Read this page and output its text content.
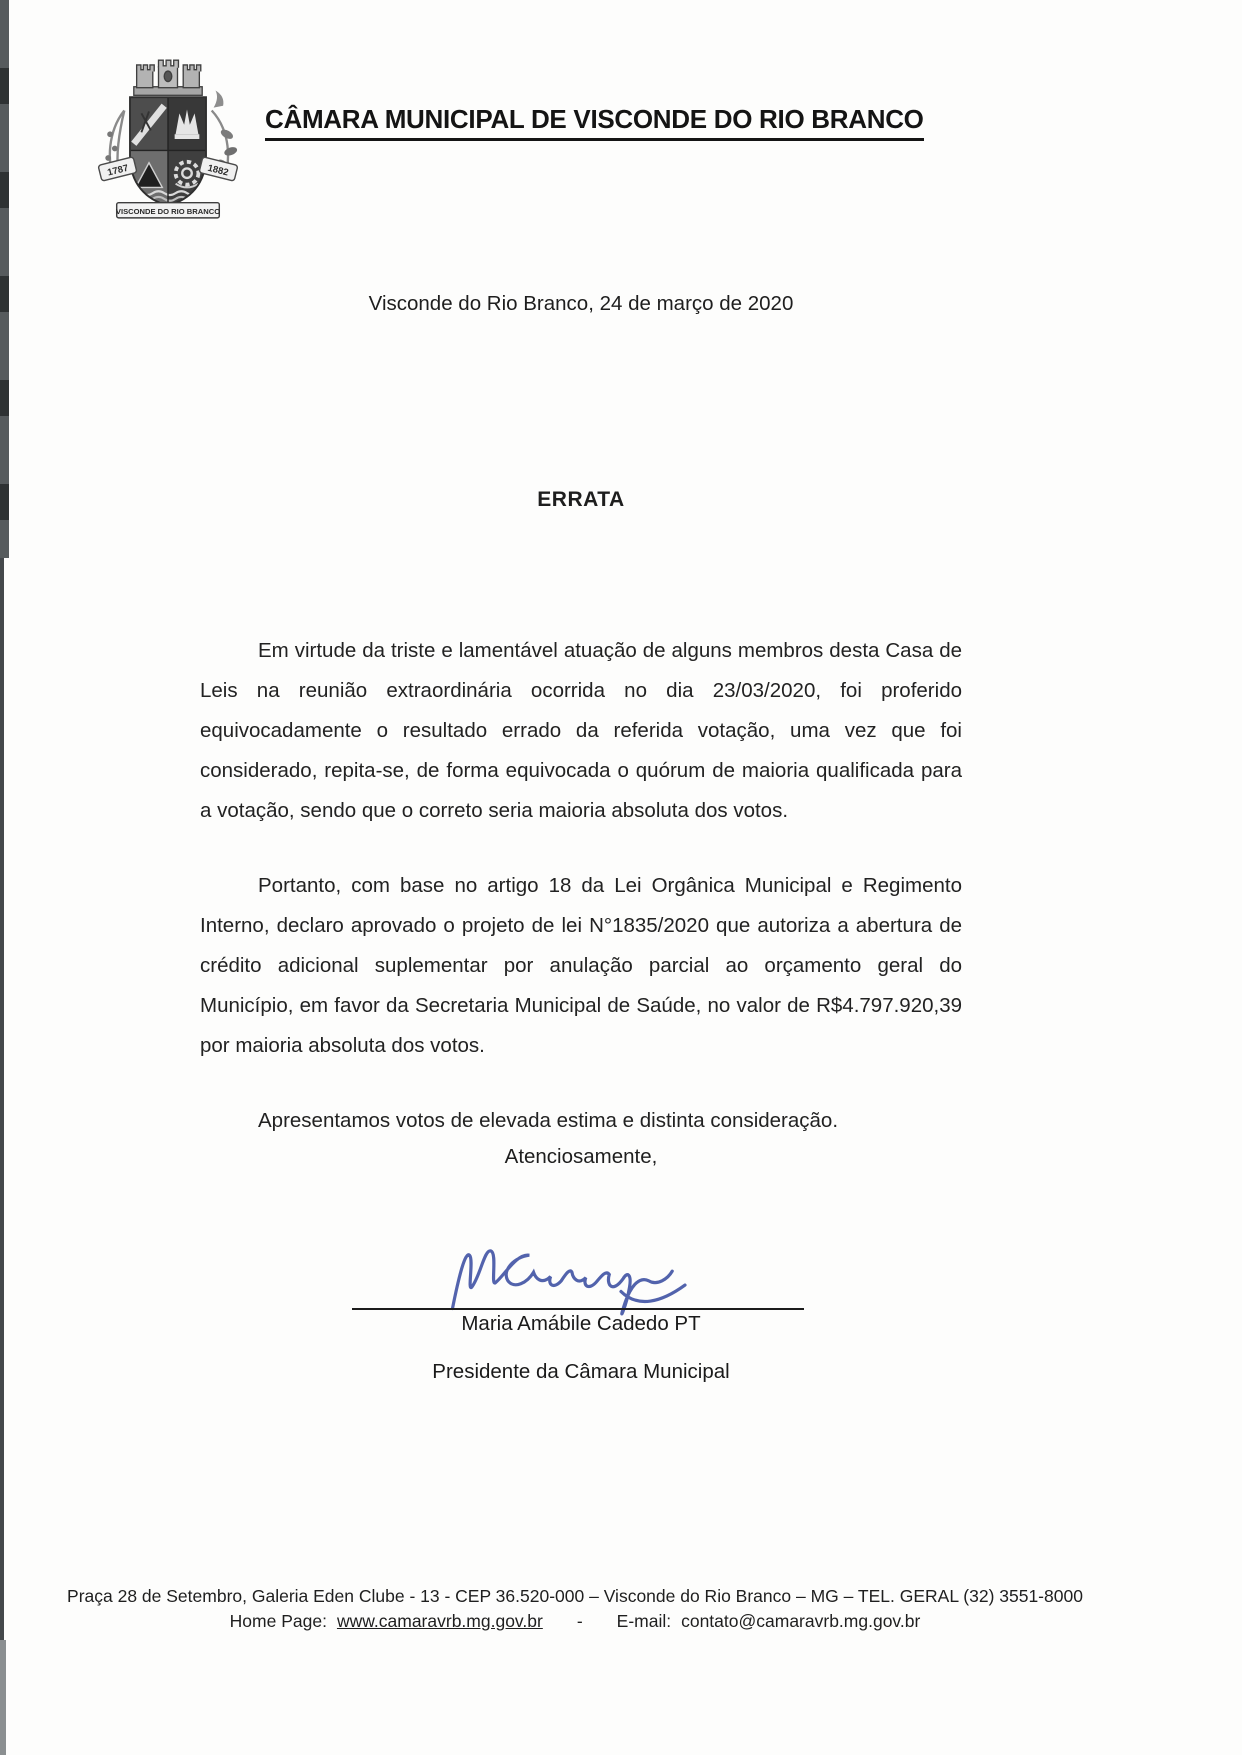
1787	1882
VISCONDE DO RIO BRANCO
CÂMARA MUNICIPAL DE VISCONDE DO RIO BRANCO
Visconde do Rio Branco, 24 de março de 2020
ERRATA

Em virtude da triste e lamentável atuação de alguns membros desta Casa de Leis na reunião extraordinária ocorrida no dia 23/03/2020, foi proferido equivocadamente o resultado errado da referida votação, uma vez que foi considerado, repita-se, de forma equivocada o quórum de maioria qualificada para a votação, sendo que o correto seria maioria absoluta dos votos.

Portanto, com base no artigo 18 da Lei Orgânica Municipal e Regimento Interno, declaro aprovado o projeto de lei N°1835/2020 que autoriza a abertura de crédito adicional suplementar por anulação parcial ao orçamento geral do Município, em favor da Secretaria Municipal de Saúde, no valor de R$4.797.920,39 por maioria absoluta dos votos.

Apresentamos votos de elevada estima e distinta consideração.

Atenciosamente,
Maria Amábile Cadedo PT
Presidente da Câmara Municipal
Praça 28 de Setembro, Galeria Eden Clube - 13 - CEP 36.520-000 – Visconde do Rio Branco – MG – TEL. GERAL (32) 3551-8000
Home Page: www.camaravrb.mg.gov.br - E-mail: contato@camaravrb.mg.gov.br
